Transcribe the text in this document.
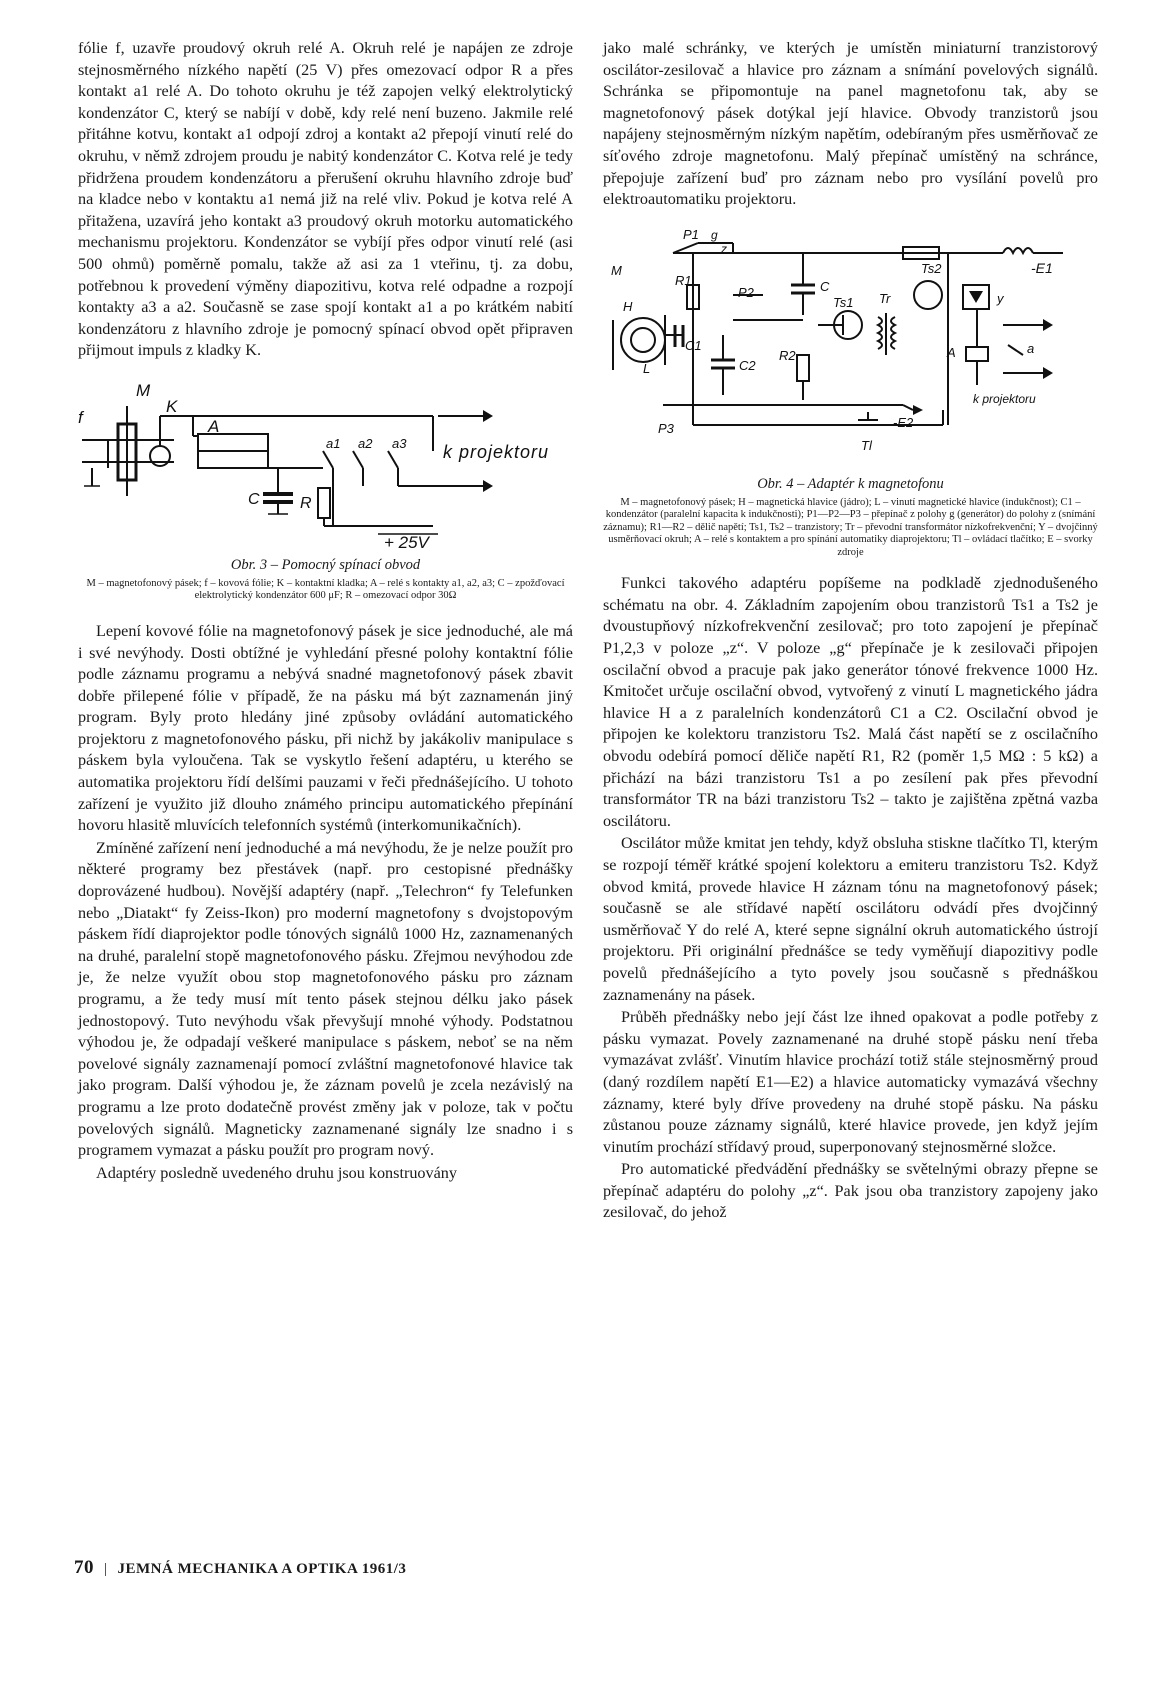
fólie f, uzavře proudový okruh relé A. Okruh relé je napájen ze zdroje stejnosměrného nízkého napětí (25 V) přes omezovací odpor R a přes kontakt a1 relé A. Do tohoto okruhu je též zapojen velký elektrolytický kondenzátor C, který se nabíjí v době, kdy relé není buzeno. Jakmile relé přitáhne kotvu, kontakt a1 odpojí zdroj a kontakt a2 přepojí vinutí relé do okruhu, v němž zdrojem proudu je nabitý kondenzátor C. Kotva relé je tedy přidržena proudem kondenzátoru a přerušení okruhu hlavního zdroje buď na kladce nebo v kontaktu a1 nemá již na relé vliv. Pokud je kotva relé A přitažena, uzavírá jeho kontakt a3 proudový okruh motorku automatického mechanismu projektoru. Kondenzátor se vybíjí přes odpor vinutí relé (asi 500 ohmů) poměrně pomalu, takže až asi za 1 vteřinu, tj. za dobu, potřebnou k provedení výměny diapozitivu, kotva relé odpadne a rozpojí kontakty a3 a a2. Současně se zase spojí kontakt a1 a po krátkém nabití kondenzátoru z hlavního zdroje je pomocný spínací obvod opět připraven přijmout impuls z kladky K.

M
f
K
A
C	R
a1 a2 a3 k projektoru
+ 25V
Obr. 3 – Pomocný spínací obvod
M – magnetofonový pásek; f – kovová fólie; K – kontaktní kladka; A – relé s kontakty a1, a2, a3; C – zpožďovací elektrolytický kondenzátor 600 μF; R – omezovací odpor 30Ω

Lepení kovové fólie na magnetofonový pásek je sice jednoduché, ale má i své nevýhody. Dosti obtížné je vyhledání přesné polohy kontaktní fólie podle záznamu programu a nebývá snadné magnetofonový pásek zbavit dobře přilepené fólie v případě, že na pásku má být zaznamenán jiný program. Byly proto hledány jiné způsoby ovládání automatického projektoru z magnetofonového pásku, při nichž by jakákoliv manipulace s páskem byla vyloučena. Tak se vyskytlo řešení adaptéru, u kterého se automatika projektoru řídí delšími pauzami v řeči přednášejícího. U tohoto zařízení je využito již dlouho známého principu automatického přepínání hovoru hlasitě mluvících telefonních systémů (interkomunikačních).

Zmíněné zařízení není jednoduché a má nevýhodu, že je nelze použít pro některé programy bez přestávek (např. pro cestopisné přednášky doprovázené hudbou). Novější adaptéry (např. „Telechron“ fy Telefunken nebo „Diatakt“ fy Zeiss-Ikon) pro moderní magnetofony s dvojstopovým páskem řídí diaprojektor podle tónových signálů 1000 Hz, zaznamenaných na druhé, paralelní stopě magnetofonového pásku. Zřejmou nevýhodou zde je, že nelze využít obou stop magnetofonového pásku pro záznam programu, a že tedy musí mít tento pásek stejnou délku jako pásek jednostopový. Tuto nevýhodu však převyšují mnohé výhody. Podstatnou výhodou je, že odpadají veškeré manipulace s páskem, neboť se na něm povelové signály zaznamenají pomocí zvláštní magnetofonové hlavice tak jako program. Další výhodou je, že záznam povelů je zcela nezávislý na programu a lze proto dodatečně provést změny jak v poloze, tak v počtu povelových signálů. Magneticky zaznamenané signály lze snadno i s programem vymazat a pásku použít pro program nový.

Adaptéry posledně uvedeného druhu jsou konstruovány

jako malé schránky, ve kterých je umístěn miniaturní tranzistorový oscilátor-zesilovač a hlavice pro záznam a snímání povelových signálů. Schránka se připomontuje na panel magnetofonu tak, aby se magnetofonový pásek dotýkal její hlavice. Obvody tranzistorů jsou napájeny stejnosměrným nízkým napětím, odebíraným přes usměrňovač ze síťového zdroje magnetofonu. Malý přepínač umístěný na schránce, přepojuje zařízení buď pro záznam nebo pro vysílání povelů pro elektroautomatiku projektoru.

P1 g
z
M
H
L
R1
C1
P2	C
C2
R2
Ts1 Tr
Ts2
y
A	a
-E1
-E2
Tl
P3
k projektoru
Obr. 4 – Adaptér k magnetofonu
M – magnetofonový pásek; H – magnetická hlavice (jádro); L – vinutí magnetické hlavice (indukčnost); C1 – kondenzátor (paralelní kapacita k indukčnosti); P1—P2—P3 – přepínač z polohy g (generátor) do polohy z (snímání záznamu); R1—R2 – dělič napětí; Ts1, Ts2 – tranzistory; Tr – převodní transformátor nízkofrekvenční; Y – dvojčinný usměrňovací okruh; A – relé s kontaktem a pro spínání automatiky diaprojektoru; Tl – ovládací tlačítko; E – svorky zdroje

Funkci takového adaptéru popíšeme na podkladě zjednodušeného schématu na obr. 4. Základním zapojením obou tranzistorů Ts1 a Ts2 je dvoustupňový nízkofrekvenční zesilovač; pro toto zapojení je přepínač P1,2,3 v poloze „z“. V poloze „g“ přepínače je k zesilovači připojen oscilační obvod a pracuje pak jako generátor tónové frekvence 1000 Hz. Kmitočet určuje oscilační obvod, vytvořený z vinutí L magnetického jádra hlavice H a z paralelních kondenzátorů C1 a C2. Oscilační obvod je připojen ke kolektoru tranzistoru Ts2. Malá část napětí se z oscilačního obvodu odebírá pomocí děliče napětí R1, R2 (poměr 1,5 MΩ : 5 kΩ) a přichází na bázi tranzistoru Ts1 a po zesílení pak přes převodní transformátor TR na bázi tranzistoru Ts2 – takto je zajištěna zpětná vazba oscilátoru.

Oscilátor může kmitat jen tehdy, když obsluha stiskne tlačítko Tl, kterým se rozpojí téměř krátké spojení kolektoru a emiteru tranzistoru Ts2. Když obvod kmitá, provede hlavice H záznam tónu na magnetofonový pásek; současně se ale střídavé napětí oscilátoru odvádí přes dvojčinný usměrňovač Y do relé A, které sepne signální okruh automatického ústrojí projektoru. Při originální přednášce se tedy vyměňují diapozitivy podle povelů přednášejícího a tyto povely jsou současně s přednáškou zaznamenány na pásek.

Průběh přednášky nebo její část lze ihned opakovat a podle potřeby z pásku vymazat. Povely zaznamenané na druhé stopě pásku není třeba vymazávat zvlášť. Vinutím hlavice prochází totiž stále stejnosměrný proud (daný rozdílem napětí E1—E2) a hlavice automaticky vymazává všechny záznamy, které byly dříve provedeny na druhé stopě pásku. Na pásku zůstanou pouze záznamy signálů, které hlavice provede, jen když jejím vinutím prochází střídavý proud, superponovaný stejnosměrné složce.

Pro automatické předvádění přednášky se světelnými obrazy přepne se přepínač adaptéru do polohy „z“. Pak jsou oba tranzistory zapojeny jako zesilovač, do jehož

70 | JEMNÁ MECHANIKA A OPTIKA 1961/3
